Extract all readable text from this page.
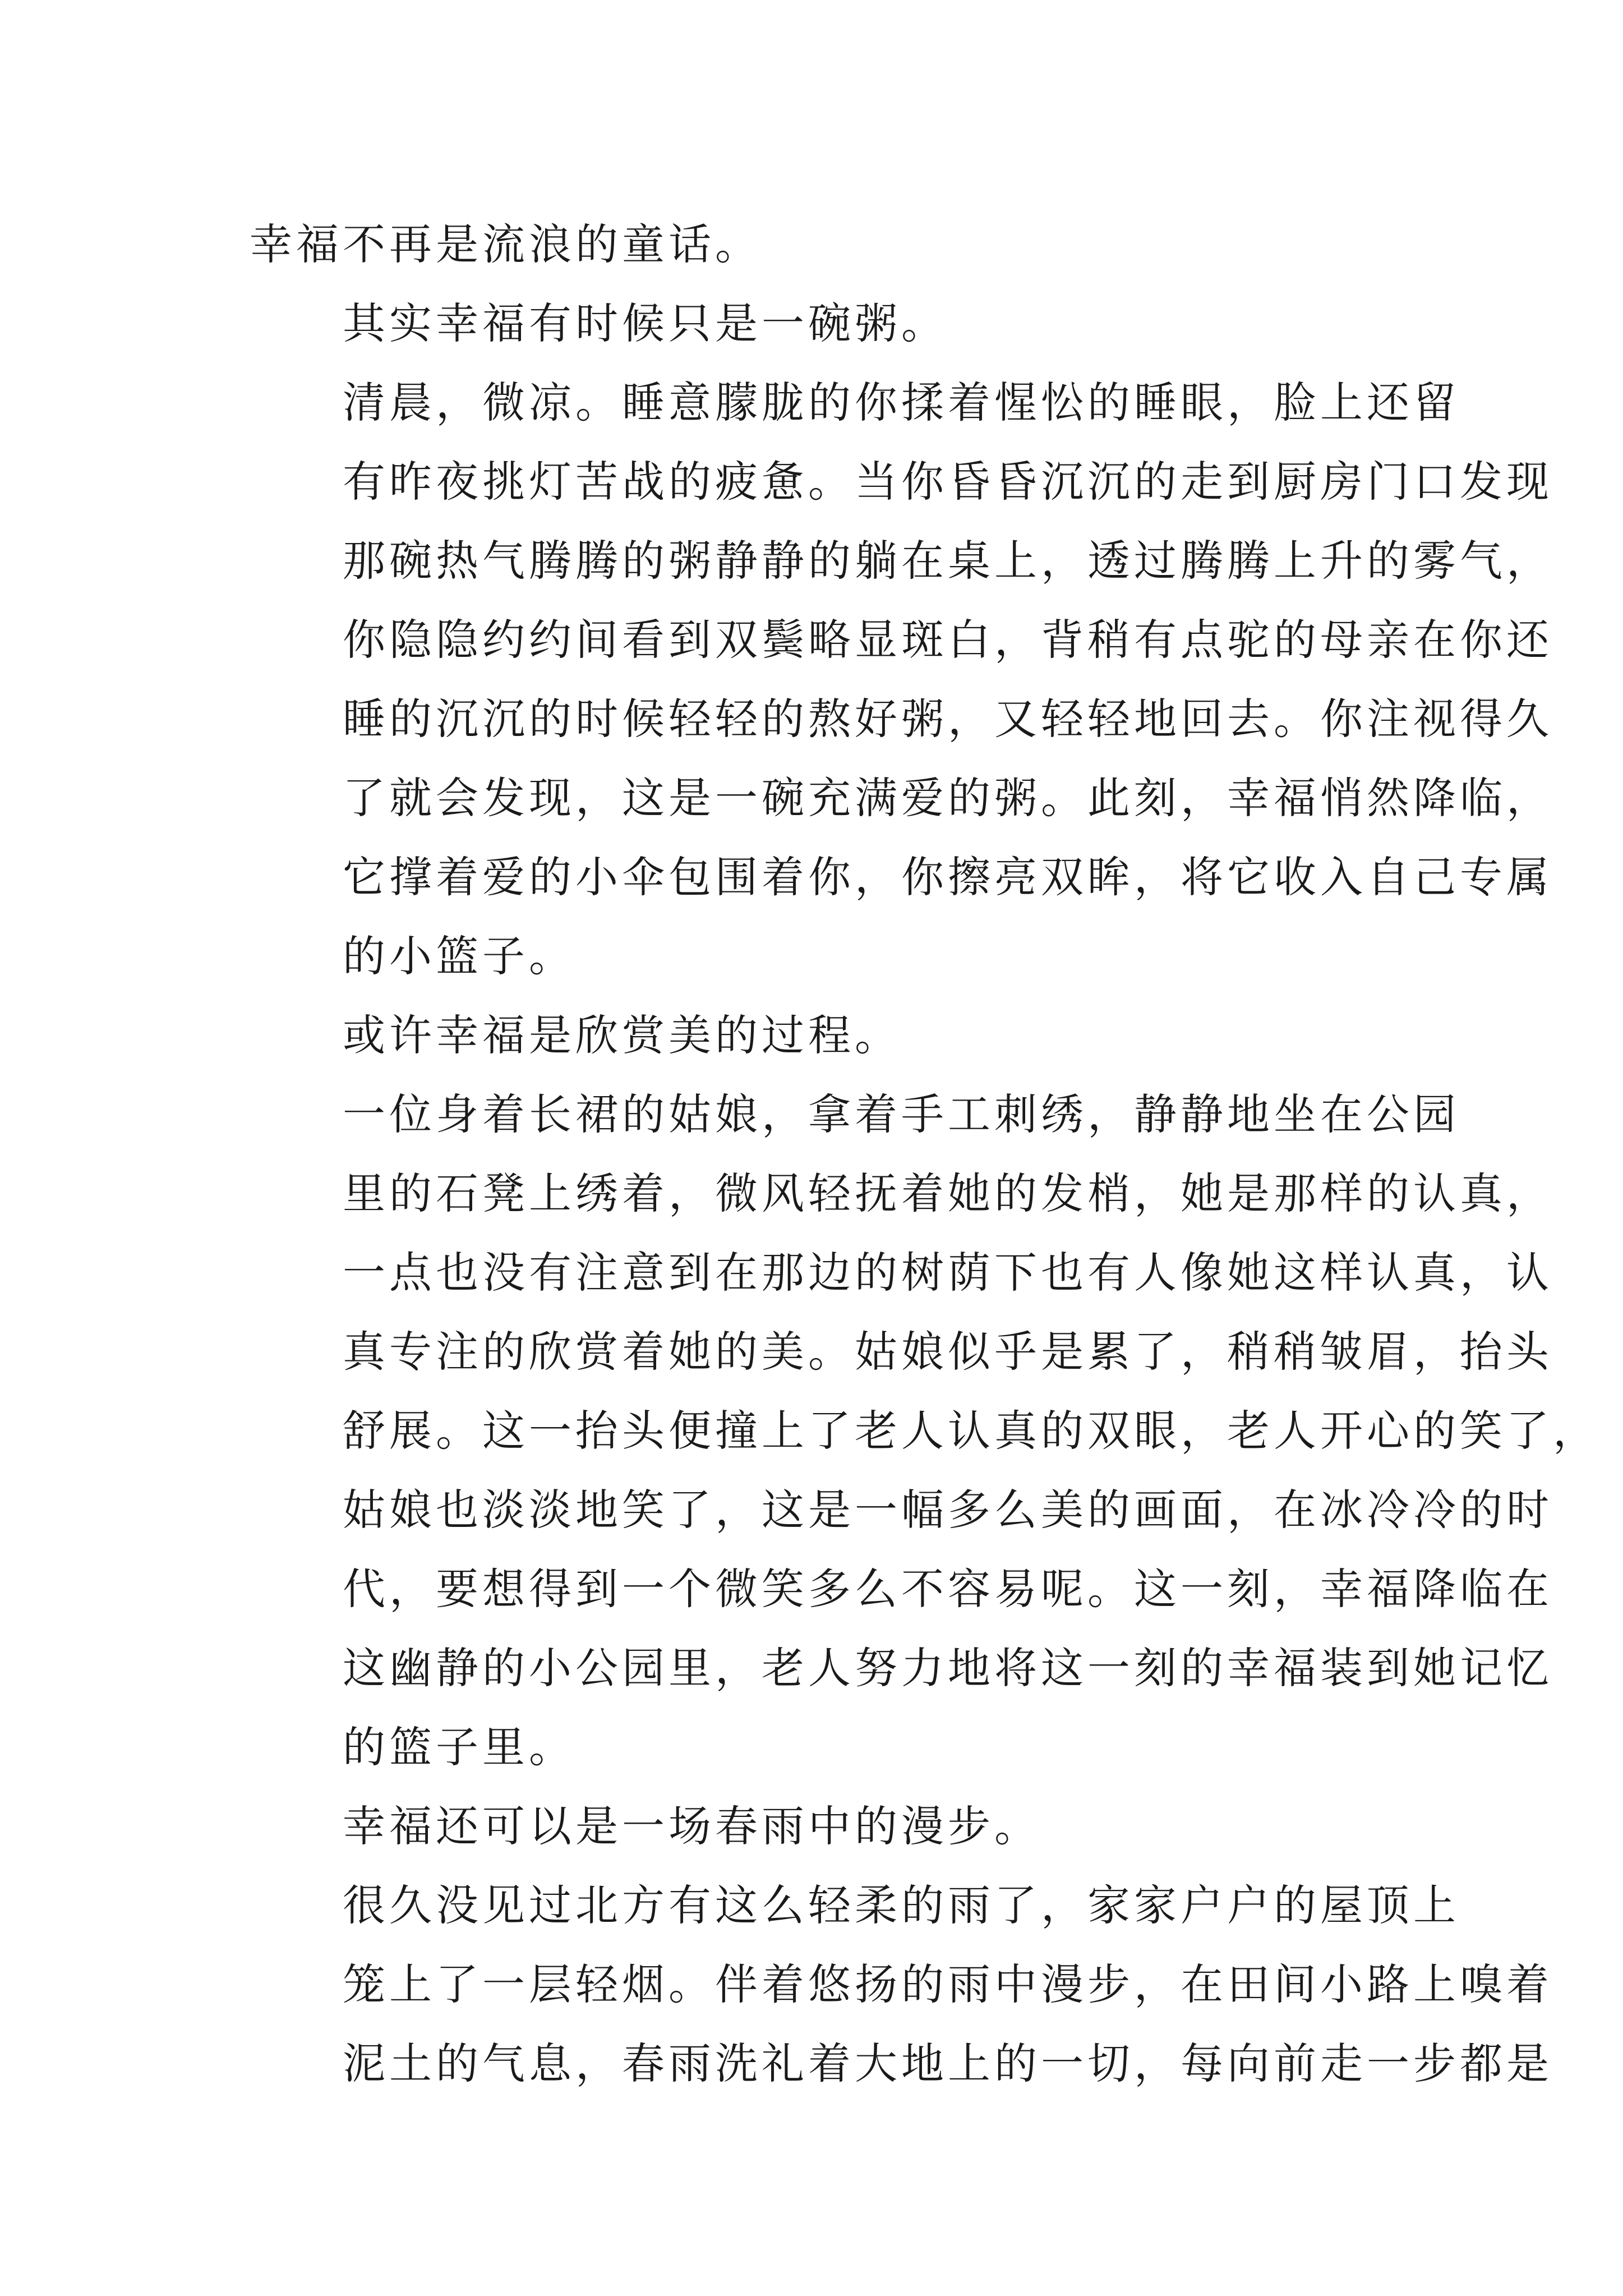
幸福不再是流浪的童话。
其实幸福有时候只是一碗粥。
清晨，微凉。睡意朦胧的你揉着惺忪的睡眼，脸上还留
有昨夜挑灯苦战的疲惫。当你昏昏沉沉的走到厨房门口发现
那碗热气腾腾的粥静静的躺在桌上，透过腾腾上升的雾气，
你隐隐约约间看到双鬓略显斑白，背稍有点驼的母亲在你还
睡的沉沉的时候轻轻的熬好粥，又轻轻地回去。你注视得久
了就会发现，这是一碗充满爱的粥。此刻，幸福悄然降临，
它撑着爱的小伞包围着你，你擦亮双眸，将它收入自己专属
的小篮子。
或许幸福是欣赏美的过程。
一位身着长裙的姑娘，拿着手工刺绣，静静地坐在公园
里的石凳上绣着，微风轻抚着她的发梢，她是那样的认真，
一点也没有注意到在那边的树荫下也有人像她这样认真，认
真专注的欣赏着她的美。姑娘似乎是累了，稍稍皱眉，抬头
舒展。这一抬头便撞上了老人认真的双眼，老人开心的笑了，
姑娘也淡淡地笑了，这是一幅多么美的画面，在冰冷冷的时
代，要想得到一个微笑多么不容易呢。这一刻，幸福降临在
这幽静的小公园里，老人努力地将这一刻的幸福装到她记忆
的篮子里。
幸福还可以是一场春雨中的漫步。
很久没见过北方有这么轻柔的雨了，家家户户的屋顶上
笼上了一层轻烟。伴着悠扬的雨中漫步，在田间小路上嗅着
泥土的气息，春雨洗礼着大地上的一切，每向前走一步都是
